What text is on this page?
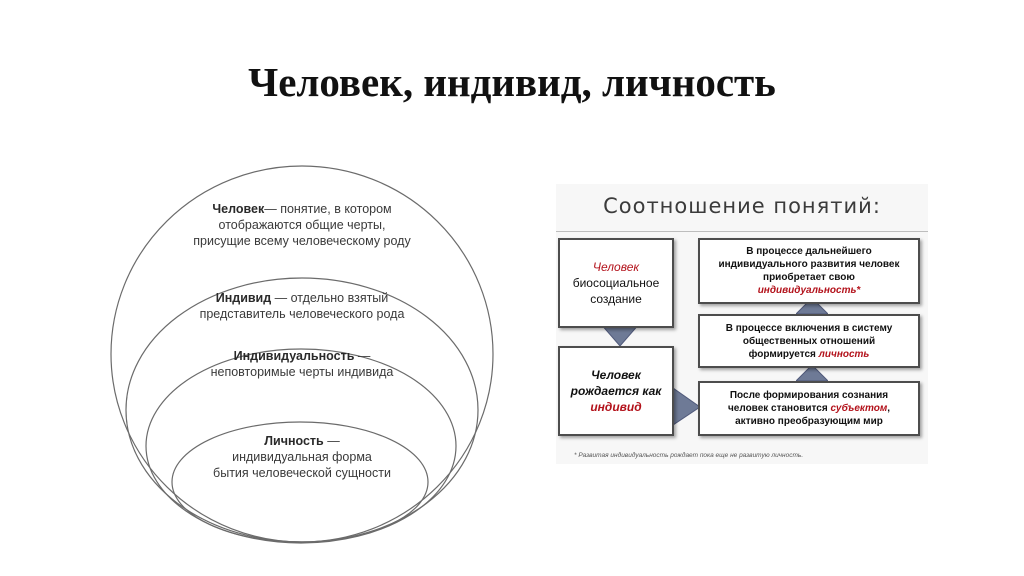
Человек, индивид, личность
Человек— понятие, в котором
отображаются общие черты,
присущие всему человеческому роду
Индивид — отдельно взятый
представитель человеческого рода
Индивидуальность —
неповторимые черты индивида
Личность —
индивидуальная форма
бытия человеческой сущности
Соотношение понятий:
Человек
биосоциальное
создание
Человек
рождается как
индивид
В процессе дальнейшего
индивидуального развития человек
приобретает свою
индивидуальность*
В процессе включения в систему
общественных отношений
формируется личность
После формирования сознания
человек становится субъектом,
активно преобразующим мир
* Развитая индивидуальность рождает пока еще не развитую личность.
